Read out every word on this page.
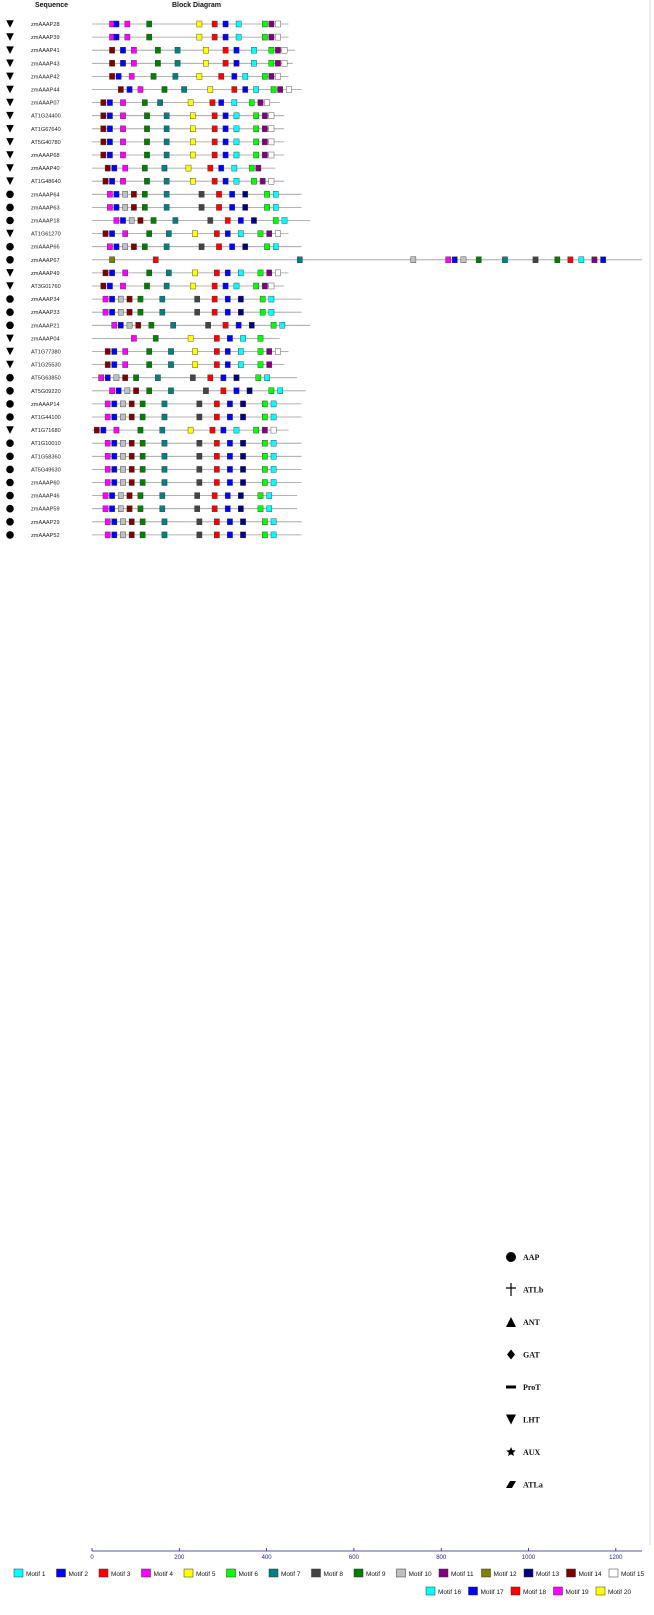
Sequence	Block Diagram
zmAAAP28
zmAAAP39
zmAAAP41
zmAAAP43
zmAAAP42
zmAAAP44
zmAAAP07
AT1G24400
AT1G67640
AT5G40780
zmAAAP68
zmAAAP40
AT1G48640
zmAAAP64
zmAAAP63
zmAAAP18
AT1G61270
zmAAAP66
zmAAAP67
zmAAAP49
AT3G01760
zmAAAP34
zmAAAP33
zmAAAP21
zmAAAP04
AT1G77380
AT1G25530
AT5G63850
AT5G09220
zmAAAP14
AT1G44100
AT1G71680
AT1G10010
AT1G58360
AT5G49630
zmAAAP60
zmAAAP46
zmAAAP59
zmAAAP29
zmAAAP52
0	200	400	600	800	1000	1200
AAP
ATLb
ANT
GAT
ProT
LHT
AUX
ATLa
Motif 1	Motif 2	Motif 3	Motif 4	Motif 5	Motif 6	Motif 7	Motif 8	Motif 9	Motif 10	Motif 11	Motif 12	Motif 13	Motif 14	Motif 15
Motif 16	Motif 17	Motif 18	Motif 19	Motif 20
